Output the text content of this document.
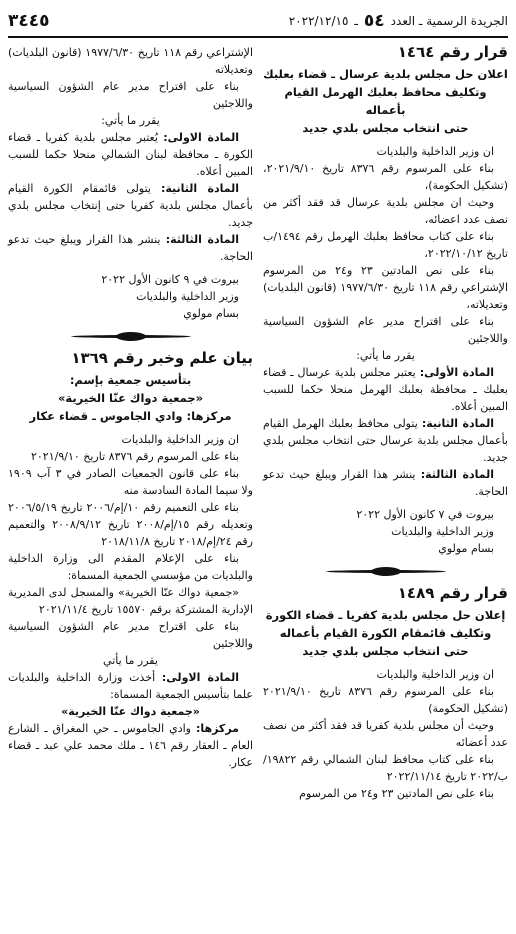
الجريدة الرسمية ـ العدد
٥٤
ـ
٢٠٢٢/١٢/١٥
٣٤٤٥
قرار رقم ١٤٦٤
اعلان حل مجلس بلدية عرسال ـ قضاء بعلبك
وتكليف محافظ بعلبك الهرمل القيام بأعماله
حتى انتخاب مجلس بلدي جديد

ان وزير الداخلية والبلديات

بناء على المرسوم رقم ٨٣٧٦ تاريخ ٢٠٢١/٩/١٠، (تشكيل الحكومة)،

وحيث ان مجلس بلدية عرسال قد فقد أكثر من نصف عدد اعضائه،

بناء على كتاب محافظ بعلبك الهرمل رقم ١٤٩٤/ب تاريخ ٢٠٢٢/١٠/١٢،

بناء على نص المادتين ٢٣ و٢٤ من المرسوم الإشتراعي رقم ١١٨ تاريخ ١٩٧٧/٦/٣٠ (قانون البلديات) وتعديلاته،

بناء على اقتراح مدير عام الشؤون السياسية واللاجئين

يقرر ما يأتي:

المادة الأولى: يعتبر مجلس بلدية عرسال ـ قضاء بعلبك ـ محافظة بعلبك الهرمل منحلا حكما للسبب المبين أعلاه.

المادة الثانية: يتولى محافظ بعلبك الهرمل القيام بأعمال مجلس بلدية عرسال حتى انتخاب مجلس بلدي جديد.

المادة الثالثة: ينشر هذا القرار ويبلغ حيث تدعو الحاجة.

بيروت في ٧ كانون الأول ٢٠٢٢

وزير الداخلية والبلديات

بسام مولوي

قرار رقم ١٤٨٩
إعلان حل مجلس بلدية كفريا ـ قضاء الكورة
وتكليف قائمقام الكورة القيام بأعماله
حتى انتخاب مجلس بلدي جديد

ان وزير الداخلية والبلديات

بناء على المرسوم رقم ٨٣٧٦ تاريخ ٢٠٢١/٩/١٠ (تشكيل الحكومة)

وحيث أن مجلس بلدية كفريا قد فقد أكثر من نصف عدد أعضائه

بناء على كتاب محافظ لبنان الشمالي رقم ١٩٨٢٢/ب/٢٠٢٢ تاريخ ٢٠٢٢/١١/١٤

بناء على نص المادتين ٢٣ و٢٤ من المرسوم

الإشتراعي رقم ١١٨ تاريخ ١٩٧٧/٦/٣٠ (قانون البلديات) وتعديلاته

بناء على اقتراح مدير عام الشؤون السياسية واللاجئين

يقرر ما يأتي:

المادة الاولى: يُعتبر مجلس بلدية كفريا ـ قضاء الكورة ـ محافظة لبنان الشمالي منحلا حكما للسبب المبين أعلاه.

المادة الثانية: يتولى قائمقام الكورة القيام بأعمال مجلس بلدية كفريا حتى إنتخاب مجلس بلدي جديد.

المادة الثالثة: ينشر هذا القرار ويبلغ حيث تدعو الحاجة.

بيروت في ٩ كانون الأول ٢٠٢٢

وزير الداخلية والبلديات

بسام مولوي

بيان علم وخبر رقم ١٣٦٩
بتأسيس جمعية بإسم:
«جمعية دواك عنّا الخيرية»
مركزها: وادي الجاموس ـ قضاء عكار

ان وزير الداخلية والبلديات

بناء على المرسوم رقم ٨٣٧٦ تاريخ ٢٠٢١/٩/١٠

بناء على قانون الجمعيات الصادر في ٣ آب ١٩٠٩ ولا سيما المادة السادسة منه

بناء على التعميم رقم ١٠/إم/٢٠٠٦ تاريخ ٢٠٠٦/٥/١٩ وتعديله رقم ١٥/إم/٢٠٠٨ تاريخ ٢٠٠٨/٩/١٢ والتعميم رقم ٢٤/إم/٢٠١٨ تاريخ ٢٠١٨/١١/٨

بناء على الإعلام المقدم الى وزارة الداخلية والبلديات من مؤسسي الجمعية المسماة:

«جمعية دواك عنّا الخيرية» والمسجل لدى المديرية الإدارية المشتركة برقم ١٥٥٧٠ تاريخ ٢٠٢١/١١/٤

بناء على اقتراح مدير عام الشؤون السياسية واللاجئين

يقرر ما يأتي

المادة الاولى: أخذت وزارة الداخلية والبلديات علما بتأسيس الجمعية المسماة:

«جمعية دواك عنّا الخيرية»

مركزها: وادي الجاموس ـ حي المغراق ـ الشارع العام ـ العقار رقم ١٤٦ ـ ملك محمد علي عبد ـ قضاء عكار.
